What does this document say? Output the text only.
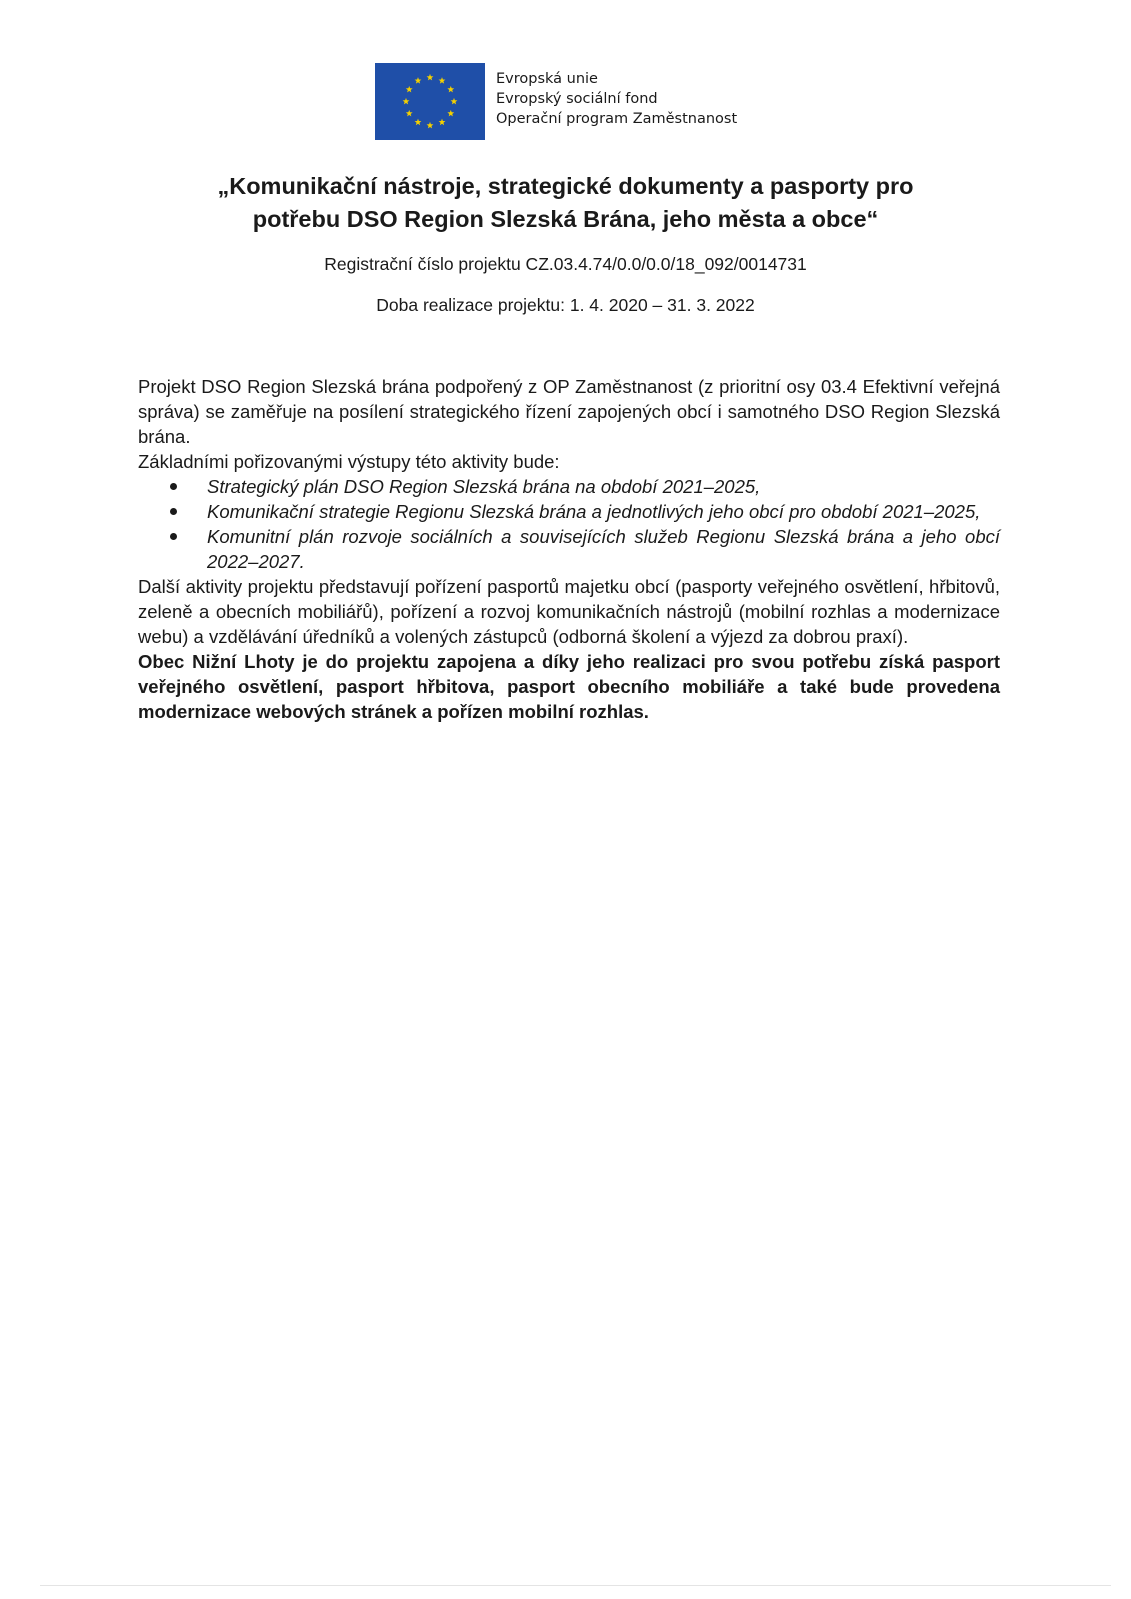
Evropská unie
Evropský sociální fond
Operační program Zaměstnanost
„Komunikační nástroje, strategické dokumenty a pasporty pro
potřebu DSO Region Slezská Brána, jeho města a obce“
Registrační číslo projektu CZ.03.4.74/0.0/0.0/18_092/0014731
Doba realizace projektu: 1. 4. 2020 – 31. 3. 2022

Projekt DSO Region Slezská brána podpořený z OP Zaměstnanost (z prioritní osy 03.4 Efektivní veřejná správa) se zaměřuje na posílení strategického řízení zapojených obcí i samotného DSO Region Slezská brána.

Základními pořizovanými výstupy této aktivity bude:

Strategický plán DSO Region Slezská brána na období 2021–2025,
Komunikační strategie Regionu Slezská brána a jednotlivých jeho obcí pro období 2021–2025,
Komunitní plán rozvoje sociálních a souvisejících služeb Regionu Slezská brána a jeho obcí 2022–2027.

Další aktivity projektu představují pořízení pasportů majetku obcí (pasporty veřejného osvětlení, hřbitovů, zeleně a obecních mobiliářů), pořízení a rozvoj komunikačních nástrojů (mobilní rozhlas a modernizace webu) a vzdělávání úředníků a volených zástupců (odborná školení a výjezd za dobrou praxí).

Obec Nižní Lhoty je do projektu zapojena a díky jeho realizaci pro svou potřebu získá pasport veřejného osvětlení, pasport hřbitova, pasport obecního mobiliáře a také bude provedena modernizace webových stránek a pořízen mobilní rozhlas.
